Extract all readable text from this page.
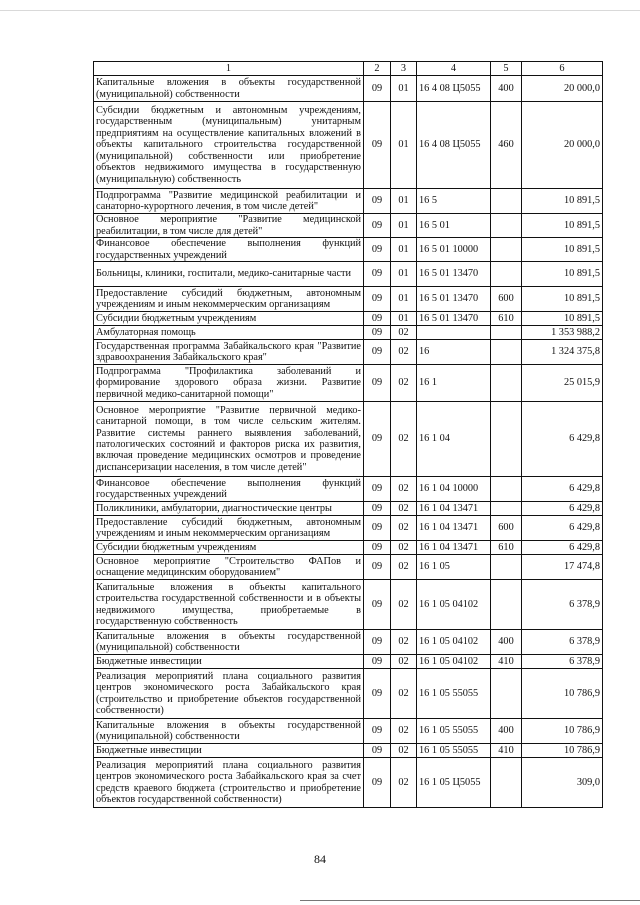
1	2	3	4	5	6
Капитальные вложения в объекты государственной (муниципальной) собственности	09	01	16 4 08 Ц5055	400	20 000,0
Субсидии бюджетным и автономным учреждениям, государственным (муниципальным) унитарным предприятиям на осуществление капитальных вложений в объекты капитального строительства государственной (муниципальной) собственности или приобретение объектов недвижимого имущества в государственную (муниципальную) собственность	09	01	16 4 08 Ц5055	460	20 000,0
Подпрограмма "Развитие медицинской реабилитации и санаторно-курортного лечения, в том числе детей"	09	01	16 5		10 891,5
Основное мероприятие "Развитие медицинской реабилитации, в том числе для детей"	09	01	16 5 01		10 891,5
Финансовое обеспечение выполнения функций государственных учреждений	09	01	16 5 01 10000		10 891,5
Больницы, клиники, госпитали, медико-санитарные части	09	01	16 5 01 13470		10 891,5
Предоставление субсидий бюджетным, автономным учреждениям и иным некоммерческим организациям	09	01	16 5 01 13470	600	10 891,5
Субсидии бюджетным учреждениям	09	01	16 5 01 13470	610	10 891,5
Амбулаторная помощь	09	02			1 353 988,2
Государственная программа Забайкальского края "Развитие здравоохранения Забайкальского края"	09	02	16		1 324 375,8
Подпрограмма "Профилактика заболеваний и формирование здорового образа жизни. Развитие первичной медико-санитарной помощи"	09	02	16 1		25 015,9
Основное мероприятие "Развитие первичной медико-санитарной помощи, в том числе сельским жителям. Развитие системы раннего выявления заболеваний, патологических состояний и факторов риска их развития, включая проведение медицинских осмотров и проведение диспансеризации населения, в том числе детей"	09	02	16 1 04		6 429,8
Финансовое обеспечение выполнения функций государственных учреждений	09	02	16 1 04 10000		6 429,8
Поликлиники, амбулатории, диагностические центры	09	02	16 1 04 13471		6 429,8
Предоставление субсидий бюджетным, автономным учреждениям и иным некоммерческим организациям	09	02	16 1 04 13471	600	6 429,8
Субсидии бюджетным учреждениям	09	02	16 1 04 13471	610	6 429,8
Основное мероприятие "Строительство ФАПов и оснащение медицинским оборудованием"	09	02	16 1 05		17 474,8
Капитальные вложения в объекты капитального строительства государственной собственности и в объекты недвижимого имущества, приобретаемые в государственную собственность	09	02	16 1 05 04102		6 378,9
Капитальные вложения в объекты государственной (муниципальной) собственности	09	02	16 1 05 04102	400	6 378,9
Бюджетные инвестиции	09	02	16 1 05 04102	410	6 378,9
Реализация мероприятий плана социального развития центров экономического роста Забайкальского края (строительство и приобретение объектов государственной собственности)	09	02	16 1 05 55055		10 786,9
Капитальные вложения в объекты государственной (муниципальной) собственности	09	02	16 1 05 55055	400	10 786,9
Бюджетные инвестиции	09	02	16 1 05 55055	410	10 786,9
Реализация мероприятий плана социального развития центров экономического роста Забайкальского края за счет средств краевого бюджета (строительство и приобретение объектов государственной собственности)	09	02	16 1 05 Ц5055		309,0
84
